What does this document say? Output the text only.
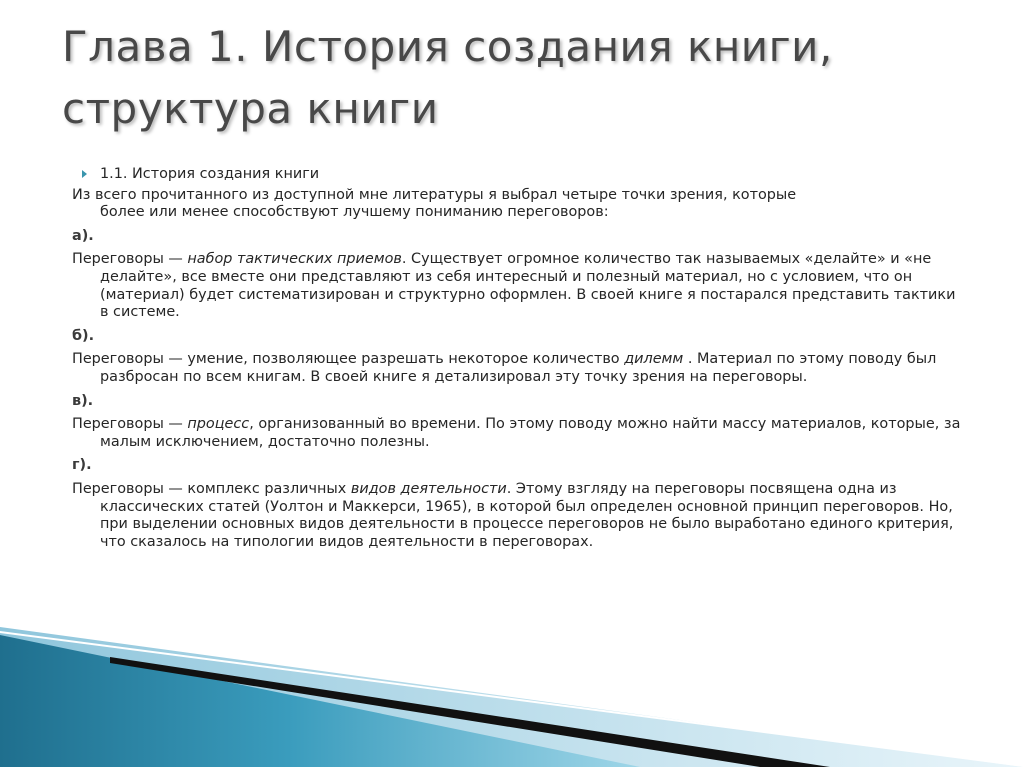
Глава 1. История создания книги, структура книги
1.1. История создания книги
Из всего прочитанного из доступной мне литературы я выбрал четыре точки зрения, которые
более или менее способствуют лучшему пониманию переговоров:
а).
Переговоры — набор тактических приемов. Существует огромное количество так называемых «делайте» и «не делайте», все вместе они представляют из себя интересный и полезный материал, но с условием, что он (материал) будет систематизирован и структурно оформлен. В своей книге я постарался представить тактики в системе.
б).
Переговоры — умение, позволяющее разрешать некоторое количество дилемм . Материал по этому поводу был разбросан по всем книгам. В своей книге я детализировал эту точку зрения на переговоры.
в).
Переговоры — процесс, организованный во времени. По этому поводу можно найти массу материалов, которые, за малым исключением, достаточно полезны.
г).
Переговоры — комплекс различных видов деятельности. Этому взгляду на переговоры посвящена одна из классических статей (Уолтон и Маккерси, 1965), в которой был определен основной принцип переговоров. Но, при выделении основных видов деятельности в процессе переговоров не было выработано единого критерия, что сказалось на типологии видов деятельности в переговорах.
